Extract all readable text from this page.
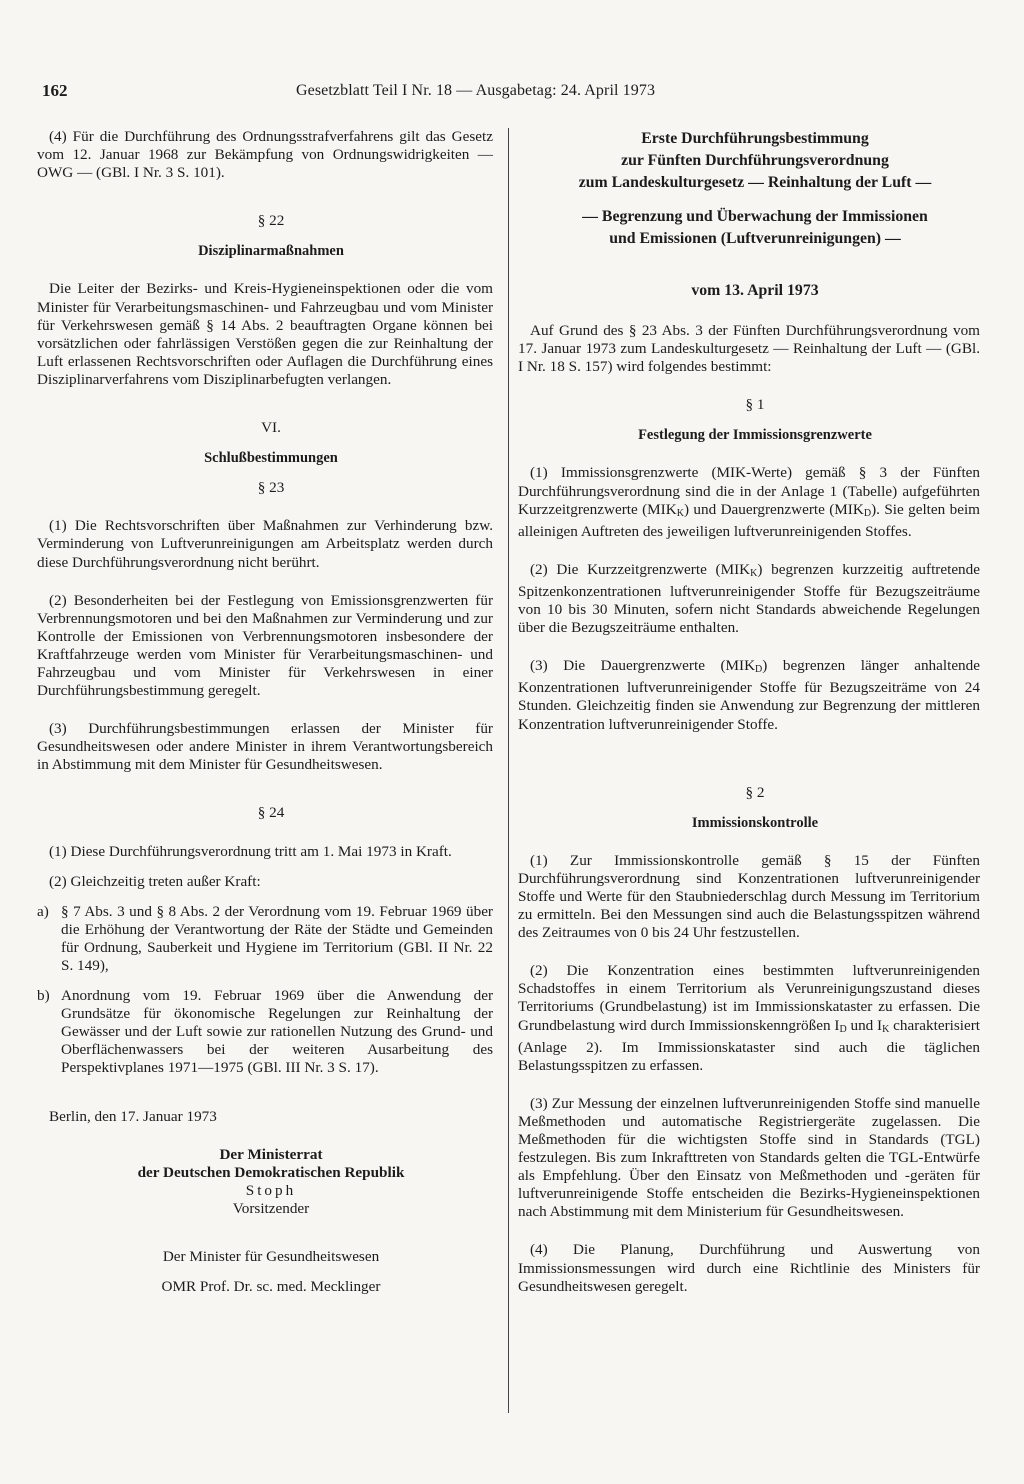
162	Gesetzblatt Teil I Nr. 18 — Ausgabetag: 24. April 1973

(4) Für die Durchführung des Ordnungsstrafverfahrens gilt das Gesetz vom 12. Januar 1968 zur Bekämpfung von Ordnungswidrigkeiten — OWG — (GBl. I Nr. 3 S. 101).

§ 22

Disziplinarmaßnahmen

Die Leiter der Bezirks- und Kreis-Hygieneinspektionen oder die vom Minister für Verarbeitungsmaschinen- und Fahrzeugbau und vom Minister für Verkehrswesen gemäß § 14 Abs. 2 beauftragten Organe können bei vorsätzlichen oder fahrlässigen Verstößen gegen die zur Reinhaltung der Luft erlassenen Rechtsvorschriften oder Auflagen die Durchführung eines Disziplinarverfahrens vom Disziplinarbefugten verlangen.

VI.

Schlußbestimmungen

§ 23

(1) Die Rechtsvorschriften über Maßnahmen zur Verhinderung bzw. Verminderung von Luftverunreinigungen am Arbeitsplatz werden durch diese Durchführungsverordnung nicht berührt.

(2) Besonderheiten bei der Festlegung von Emissionsgrenzwerten für Verbrennungsmotoren und bei den Maßnahmen zur Verminderung und zur Kontrolle der Emissionen von Verbrennungsmotoren insbesondere der Kraftfahrzeuge werden vom Minister für Verarbeitungsmaschinen- und Fahrzeugbau und vom Minister für Verkehrswesen in einer Durchführungsbestimmung geregelt.

(3) Durchführungsbestimmungen erlassen der Minister für Gesundheitswesen oder andere Minister in ihrem Verantwortungsbereich in Abstimmung mit dem Minister für Gesundheitswesen.

§ 24

(1) Diese Durchführungsverordnung tritt am 1. Mai 1973 in Kraft.

(2) Gleichzeitig treten außer Kraft:

a) § 7 Abs. 3 und § 8 Abs. 2 der Verordnung vom 19. Februar 1969 über die Erhöhung der Verantwortung der Räte der Städte und Gemeinden für Ordnung, Sauberkeit und Hygiene im Territorium (GBl. II Nr. 22 S. 149),
b) Anordnung vom 19. Februar 1969 über die Anwendung der Grundsätze für ökonomische Regelungen zur Reinhaltung der Gewässer und der Luft sowie zur rationellen Nutzung des Grund- und Oberflächenwassers bei der weiteren Ausarbeitung des Perspektivplanes 1971—1975 (GBl. III Nr. 3 S. 17).

Berlin, den 17. Januar 1973

Der Ministerrat

der Deutschen Demokratischen Republik

Stoph

Vorsitzender

Der Minister für Gesundheitswesen

OMR Prof. Dr. sc. med. Mecklinger

Erste Durchführungsbestimmung

zur Fünften Durchführungsverordnung

zum Landeskulturgesetz — Reinhaltung der Luft —

— Begrenzung und Überwachung der Immissionen

und Emissionen (Luftverunreinigungen) —

vom 13. April 1973

Auf Grund des § 23 Abs. 3 der Fünften Durchführungsverordnung vom 17. Januar 1973 zum Landeskulturgesetz — Reinhaltung der Luft — (GBl. I Nr. 18 S. 157) wird folgendes bestimmt:

§ 1

Festlegung der Immissionsgrenzwerte

(1) Immissionsgrenzwerte (MIK-Werte) gemäß § 3 der Fünften Durchführungsverordnung sind die in der Anlage 1 (Tabelle) aufgeführten Kurzzeitgrenzwerte $(MIK_K)$ und Dauergrenzwerte $(MIK_D)$. Sie gelten beim alleinigen Auftreten des jeweiligen luftverunreinigenden Stoffes.

(2) Die Kurzzeitgrenzwerte $(MIK_K)$ begrenzen kurzzeitig auftretende Spitzenkonzentrationen luftverunreinigender Stoffe für Bezugszeiträume von 10 bis 30 Minuten, sofern nicht Standards abweichende Regelungen über die Bezugszeiträume enthalten.

(3) Die Dauergrenzwerte $(MIK_D)$ begrenzen länger anhaltende Konzentrationen luftverunreinigender Stoffe für Bezugszeiträme von 24 Stunden. Gleichzeitig finden sie Anwendung zur Begrenzung der mittleren Konzentration luftverunreinigender Stoffe.

§ 2

Immissionskontrolle

(1) Zur Immissionskontrolle gemäß § 15 der Fünften Durchführungsverordnung sind Konzentrationen luftverunreinigender Stoffe und Werte für den Staubniederschlag durch Messung im Territorium zu ermitteln. Bei den Messungen sind auch die Belastungsspitzen während des Zeitraumes von 0 bis 24 Uhr festzustellen.

(2) Die Konzentration eines bestimmten luftverunreinigenden Schadstoffes in einem Territorium als Verunreinigungszustand dieses Territoriums (Grundbelastung) ist im Immissionskataster zu erfassen. Die Grundbelastung wird durch Immissionskenngrößen $I_D$ und $I_K$ charakterisiert (Anlage 2). Im Immissionskataster sind auch die täglichen Belastungsspitzen zu erfassen.

(3) Zur Messung der einzelnen luftverunreinigenden Stoffe sind manuelle Meßmethoden und automatische Registriergeräte zugelassen. Die Meßmethoden für die wichtigsten Stoffe sind in Standards (TGL) festzulegen. Bis zum Inkrafttreten von Standards gelten die TGL-Entwürfe als Empfehlung. Über den Einsatz von Meßmethoden und -geräten für luftverunreinigende Stoffe entscheiden die Bezirks-Hygieneinspektionen nach Abstimmung mit dem Ministerium für Gesundheitswesen.

(4) Die Planung, Durchführung und Auswertung von Immissionsmessungen wird durch eine Richtlinie des Ministers für Gesundheitswesen geregelt.
